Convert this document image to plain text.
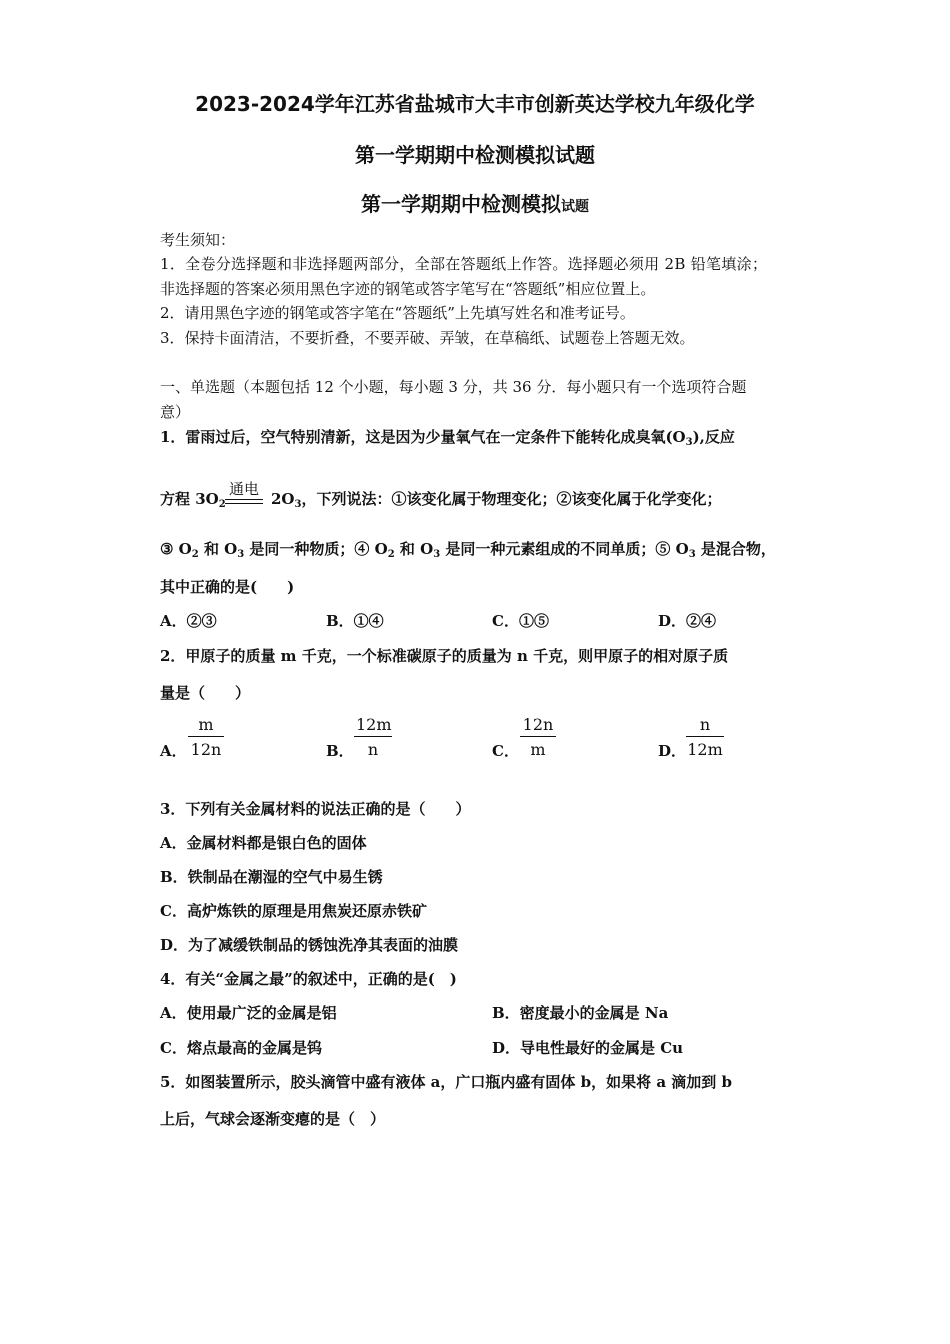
2023-2024学年江苏省盐城市大丰市创新英达学校九年级化学
第一学期期中检测模拟试题
第一学期期中检测模拟试题
考生须知：
1．全卷分选择题和非选择题两部分，全部在答题纸上作答。选择题必须用 2B 铅笔填涂；
非选择题的答案必须用黑色字迹的钢笔或答字笔写在“答题纸”相应位置上。
2．请用黑色字迹的钢笔或答字笔在“答题纸”上先填写姓名和准考证号。
3．保持卡面清洁，不要折叠，不要弄破、弄皱，在草稿纸、试题卷上答题无效。
一、单选题（本题包括 12 个小题，每小题 3 分，共 36 分．每小题只有一个选项符合题
意）
1．雷雨过后，空气特别清新，这是因为少量氧气在一定条件下能转化成臭氧$(O_3)$,反应
方程 $3O_2$
通电
$2O_3$，下列说法：①该变化属于物理变化；②该变化属于化学变化；
③ $O_2$ 和 $O_3$ 是同一种物质；④ $O_2$ 和 $O_3$ 是同一种元素组成的不同单质；⑤ $O_3$ 是混合物，
其中正确的是(　　)
A．②③	B．①④	C．①⑤	D．②④
2．甲原子的质量 m 千克，一个标准碳原子的质量为 n 千克，则甲原子的相对原子质
量是（　　）
A． $\frac{m}{12n}$	B． $\frac{12m}{n}$	C． $\frac{12n}{m}$	D． $\frac{n}{12m}$
3．下列有关金属材料的说法正确的是（　　）
A．金属材料都是银白色的固体
B．铁制品在潮湿的空气中易生锈
C．高炉炼铁的原理是用焦炭还原赤铁矿
D．为了减缓铁制品的锈蚀洗净其表面的油膜
4．有关“金属之最”的叙述中，正确的是(　)
A．使用最广泛的金属是铝	B．密度最小的金属是 Na
C．熔点最高的金属是钨	D．导电性最好的金属是 Cu
5．如图装置所示，胶头滴管中盛有液体 a，广口瓶内盛有固体 b，如果将 a 滴加到 b
上后，气球会逐渐变瘪的是（　）
